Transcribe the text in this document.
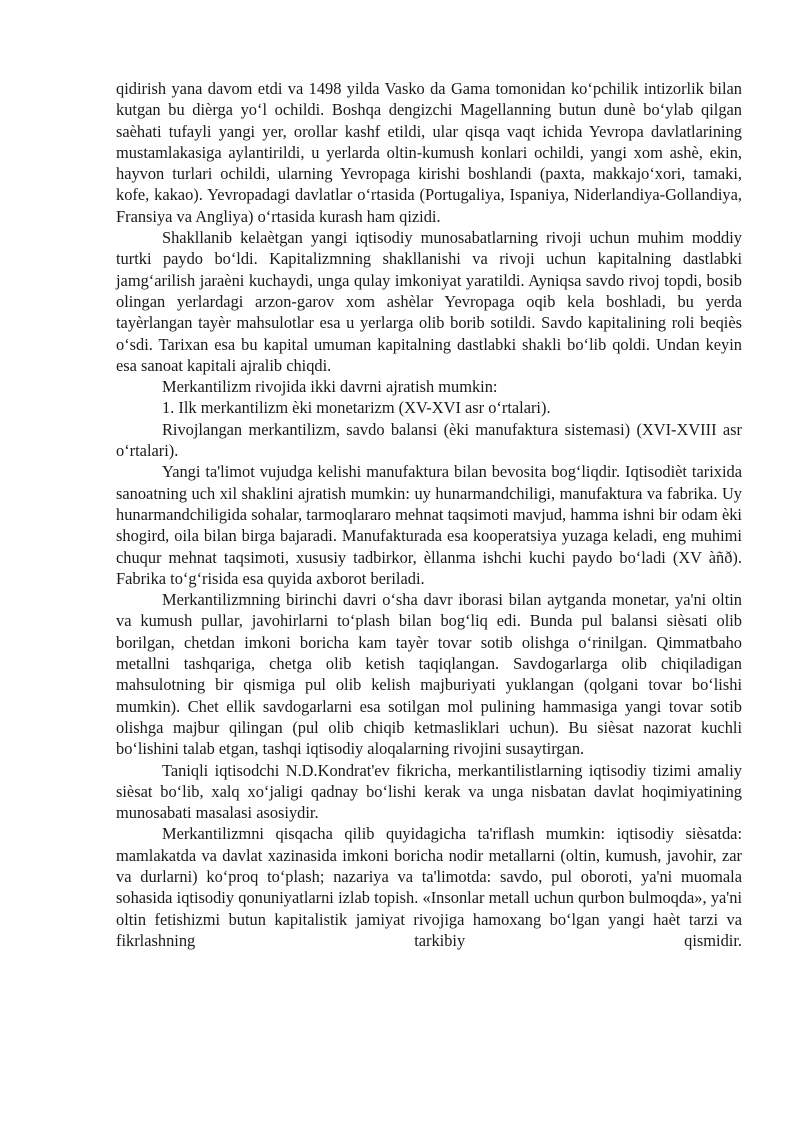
qidirish yana davom etdi va 1498 yilda Vasko da Gama tomonidan ko‘pchilik intizorlik bilan kutgan bu dièrga yo‘l ochildi. Boshqa dengizchi Magellanning butun dunè bo‘ylab qilgan saèhati tufayli yangi yer, orollar kashf etildi, ular qisqa vaqt ichida Yevropa davlatlarining mustamlakasiga aylantirildi, u yerlarda oltin-kumush konlari ochildi, yangi xom ashè, ekin, hayvon turlari ochildi, ularning Yevropaga kirishi boshlandi (paxta, makkajo‘xori, tamaki, kofe, kakao). Yevropadagi davlatlar o‘rtasida (Portugaliya, Ispaniya, Niderlandiya-Gollandiya, Fransiya va Angliya) o‘rtasida kurash ham qizidi.

Shakllanib kelaètgan yangi iqtisodiy munosabatlarning rivoji uchun muhim moddiy turtki paydo bo‘ldi. Kapitalizmning shakllanishi va rivoji uchun kapitalning dastlabki jamg‘arilish jaraèni kuchaydi, unga qulay imkoniyat yaratildi. Ayniqsa savdo rivoj topdi, bosib olingan yerlardagi arzon-garov xom ashèlar Yevropaga oqib kela boshladi, bu yerda tayèrlangan tayèr mahsulotlar esa u yerlarga olib borib sotildi. Savdo kapitalining roli beqiès o‘sdi. Tarixan esa bu kapital umuman kapitalning dastlabki shakli bo‘lib qoldi. Undan keyin esa sanoat kapitali ajralib chiqdi.

Merkantilizm rivojida ikki davrni ajratish mumkin:

1. Ilk merkantilizm èki monetarizm (XV-XVI asr o‘rtalari).

Rivojlangan merkantilizm, savdo balansi (èki manufaktura sistemasi) (XVI-XVIII asr o‘rtalari).

Yangi ta'limot vujudga kelishi manufaktura bilan bevosita bog‘liqdir. Iqtisodièt tarixida sanoatning uch xil shaklini ajratish mumkin: uy hunarmandchiligi, manufaktura va fabrika. Uy hunarmandchiligida sohalar, tarmoqlararo mehnat taqsimoti mavjud, hamma ishni bir odam èki shogird, oila bilan birga bajaradi. Manufakturada esa kooperatsiya yuzaga keladi, eng muhimi chuqur mehnat taqsimoti, xususiy tadbirkor, èllanma ishchi kuchi paydo bo‘ladi (XV àñð). Fabrika to‘g‘risida esa quyida axborot beriladi.

Merkantilizmning birinchi davri o‘sha davr iborasi bilan aytganda monetar, ya'ni oltin va kumush pullar, javohirlarni to‘plash bilan bog‘liq edi. Bunda pul balansi sièsati olib borilgan, chetdan imkoni boricha kam tayèr tovar sotib olishga o‘rinilgan. Qimmatbaho metallni tashqariga, chetga olib ketish taqiqlangan. Savdogarlarga olib chiqiladigan mahsulotning bir qismiga pul olib kelish majburiyati yuklangan (qolgani tovar bo‘lishi mumkin). Chet ellik savdogarlarni esa sotilgan mol pulining hammasiga yangi tovar sotib olishga majbur qilingan (pul olib chiqib ketmasliklari uchun). Bu sièsat nazorat kuchli bo‘lishini talab etgan, tashqi iqtisodiy aloqalarning rivojini susaytirgan.

Taniqli iqtisodchi N.D.Kondrat'ev fikricha, merkantilistlarning iqtisodiy tizimi amaliy sièsat bo‘lib, xalq xo‘jaligi qadnay bo‘lishi kerak va unga nisbatan davlat hoqimiyatining munosabati masalasi asosiydir.

Merkantilizmni qisqacha qilib quyidagicha ta'riflash mumkin: iqtisodiy sièsatda: mamlakatda va davlat xazinasida imkoni boricha nodir metallarni (oltin, kumush, javohir, zar va durlarni) ko‘proq to‘plash; nazariya va ta'limotda: savdo, pul oboroti, ya'ni muomala sohasida iqtisodiy qonuniyatlarni izlab topish. «Insonlar metall uchun qurbon bulmoqda», ya'ni oltin fetishizmi butun kapitalistik jamiyat rivojiga hamoxang bo‘lgan yangi haèt tarzi va fikrlashning tarkibiy qismidir.
